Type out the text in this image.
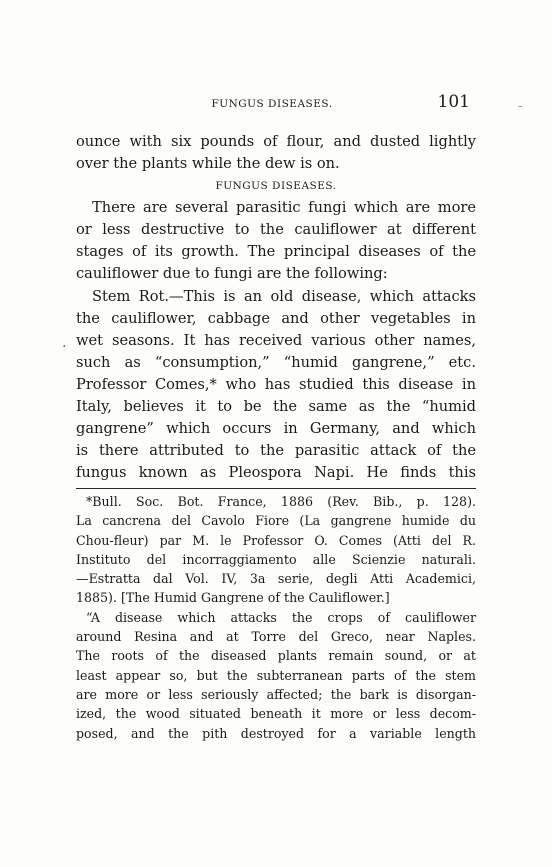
FUNGUS DISEASES.	101
ounce with six pounds of flour, and dusted lightly
over the plants while the dew is on.
FUNGUS DISEASES.
There are several parasitic fungi which are more
or less destructive to the cauliflower at different
stages of its growth. The principal diseases of the
cauliflower due to fungi are the following:
Stem Rot.—This is an old disease, which attacks
the cauliflower, cabbage and other vegetables in
wet seasons. It has received various other names,
such as “consumption,” “humid gangrene,” etc.
Professor Comes,* who has studied this disease in
Italy, believes it to be the same as the “humid
gangrene” which occurs in Germany, and which
is there attributed to the parasitic attack of the
fungus known as Pleospora Napi. He finds this
*Bull. Soc. Bot. France, 1886 (Rev. Bib., p. 128).
La cancrena del Cavolo Fiore (La gangrene humide du
Chou-fleur) par M. le Professor O. Comes (Atti del R.
Instituto del incorraggiamento alle Scienzie naturali.
—Estratta dal Vol. IV, 3a serie, degli Atti Academici,
1885). [The Humid Gangrene of the Cauliflower.]
“A disease which attacks the crops of cauliflower
around Resina and at Torre del Greco, near Naples.
The roots of the diseased plants remain sound, or at
least appear so, but the subterranean parts of the stem
are more or less seriously affected; the bark is disorgan-
ized, the wood situated beneath it more or less decom-
posed, and the pith destroyed for a variable length
.
-
